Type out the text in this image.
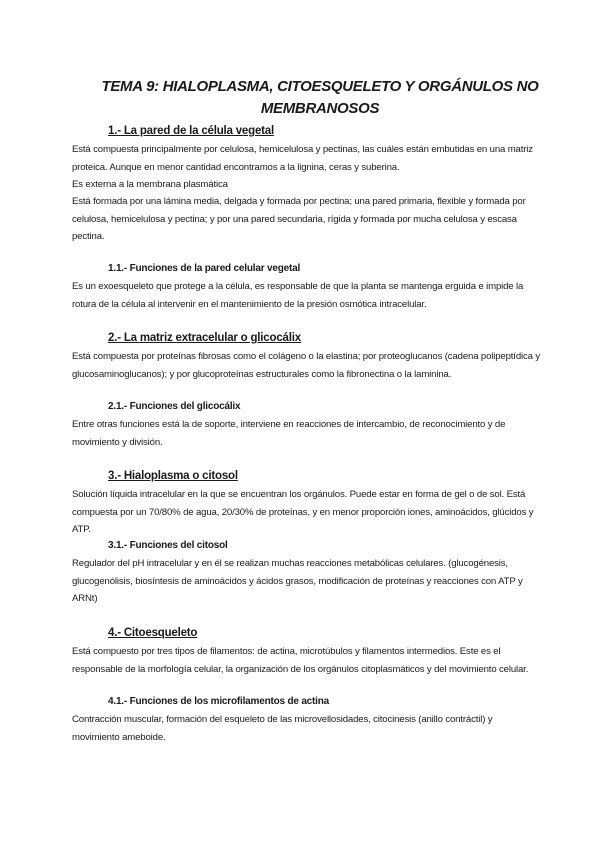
TEMA 9: HIALOPLASMA, CITOESQUELETO Y ORGÁNULOS NO
MEMBRANOSOS
1.- La pared de la célula vegetal

Está compuesta principalmente por celulosa, hemicelulosa y pectinas, las cuáles están embutidas en una matriz proteica. Aunque en menor cantidad encontramos a la lignina, ceras y suberina.

Es externa a la membrana plasmática

Está formada por una lámina media, delgada y formada por pectina; una pared primaria, flexible y formada por celulosa, hemicelulosa y pectina; y por una pared secundaria, rígida y formada por mucha celulosa y escasa pectina.

1.1.- Funciones de la pared celular vegetal

Es un exoesqueleto que protege a la célula, es responsable de que la planta se mantenga erguida e impide la rotura de la célula al intervenir en el mantenimiento de la presión osmótica intracelular.

2.- La matriz extracelular o glicocálix

Está compuesta por proteínas fibrosas como el colágeno o la elastina; por proteoglucanos (cadena polipeptídica y glucosaminoglucanos); y por glucoproteínas estructurales como la fibronectina o la laminina.

2.1.- Funciones del glicocálix

Entre otras funciones está la de soporte, interviene en reacciones de intercambio, de reconocimiento y de movimiento y división.

3.- Hialoplasma o citosol

Solución líquida intracelular en la que se encuentran los orgánulos. Puede estar en forma de gel o de sol. Está compuesta por un 70/80% de agua, 20/30% de proteínas, y en menor proporción iones, aminoácidos, glúcidos y ATP.

3.1.- Funciones del citosol

Regulador del pH intracelular y en él se realizan muchas reacciones metabólicas celulares. (glucogénesis, glucogenólisis, biosíntesis de aminoácidos y ácidos grasos, modificación de proteínas y reacciones con ATP y ARNt)

4.- Citoesqueleto

Está compuesto por tres tipos de filamentos: de actina, microtúbulos y filamentos intermedios. Este es el responsable de la morfología celular, la organización de los orgánulos citoplasmáticos y del movimiento celular.

4.1.- Funciones de los microfilamentos de actina

Contracción muscular, formación del esqueleto de las microvellosidades, citocinesis (anillo contráctil) y movimiento ameboide.
